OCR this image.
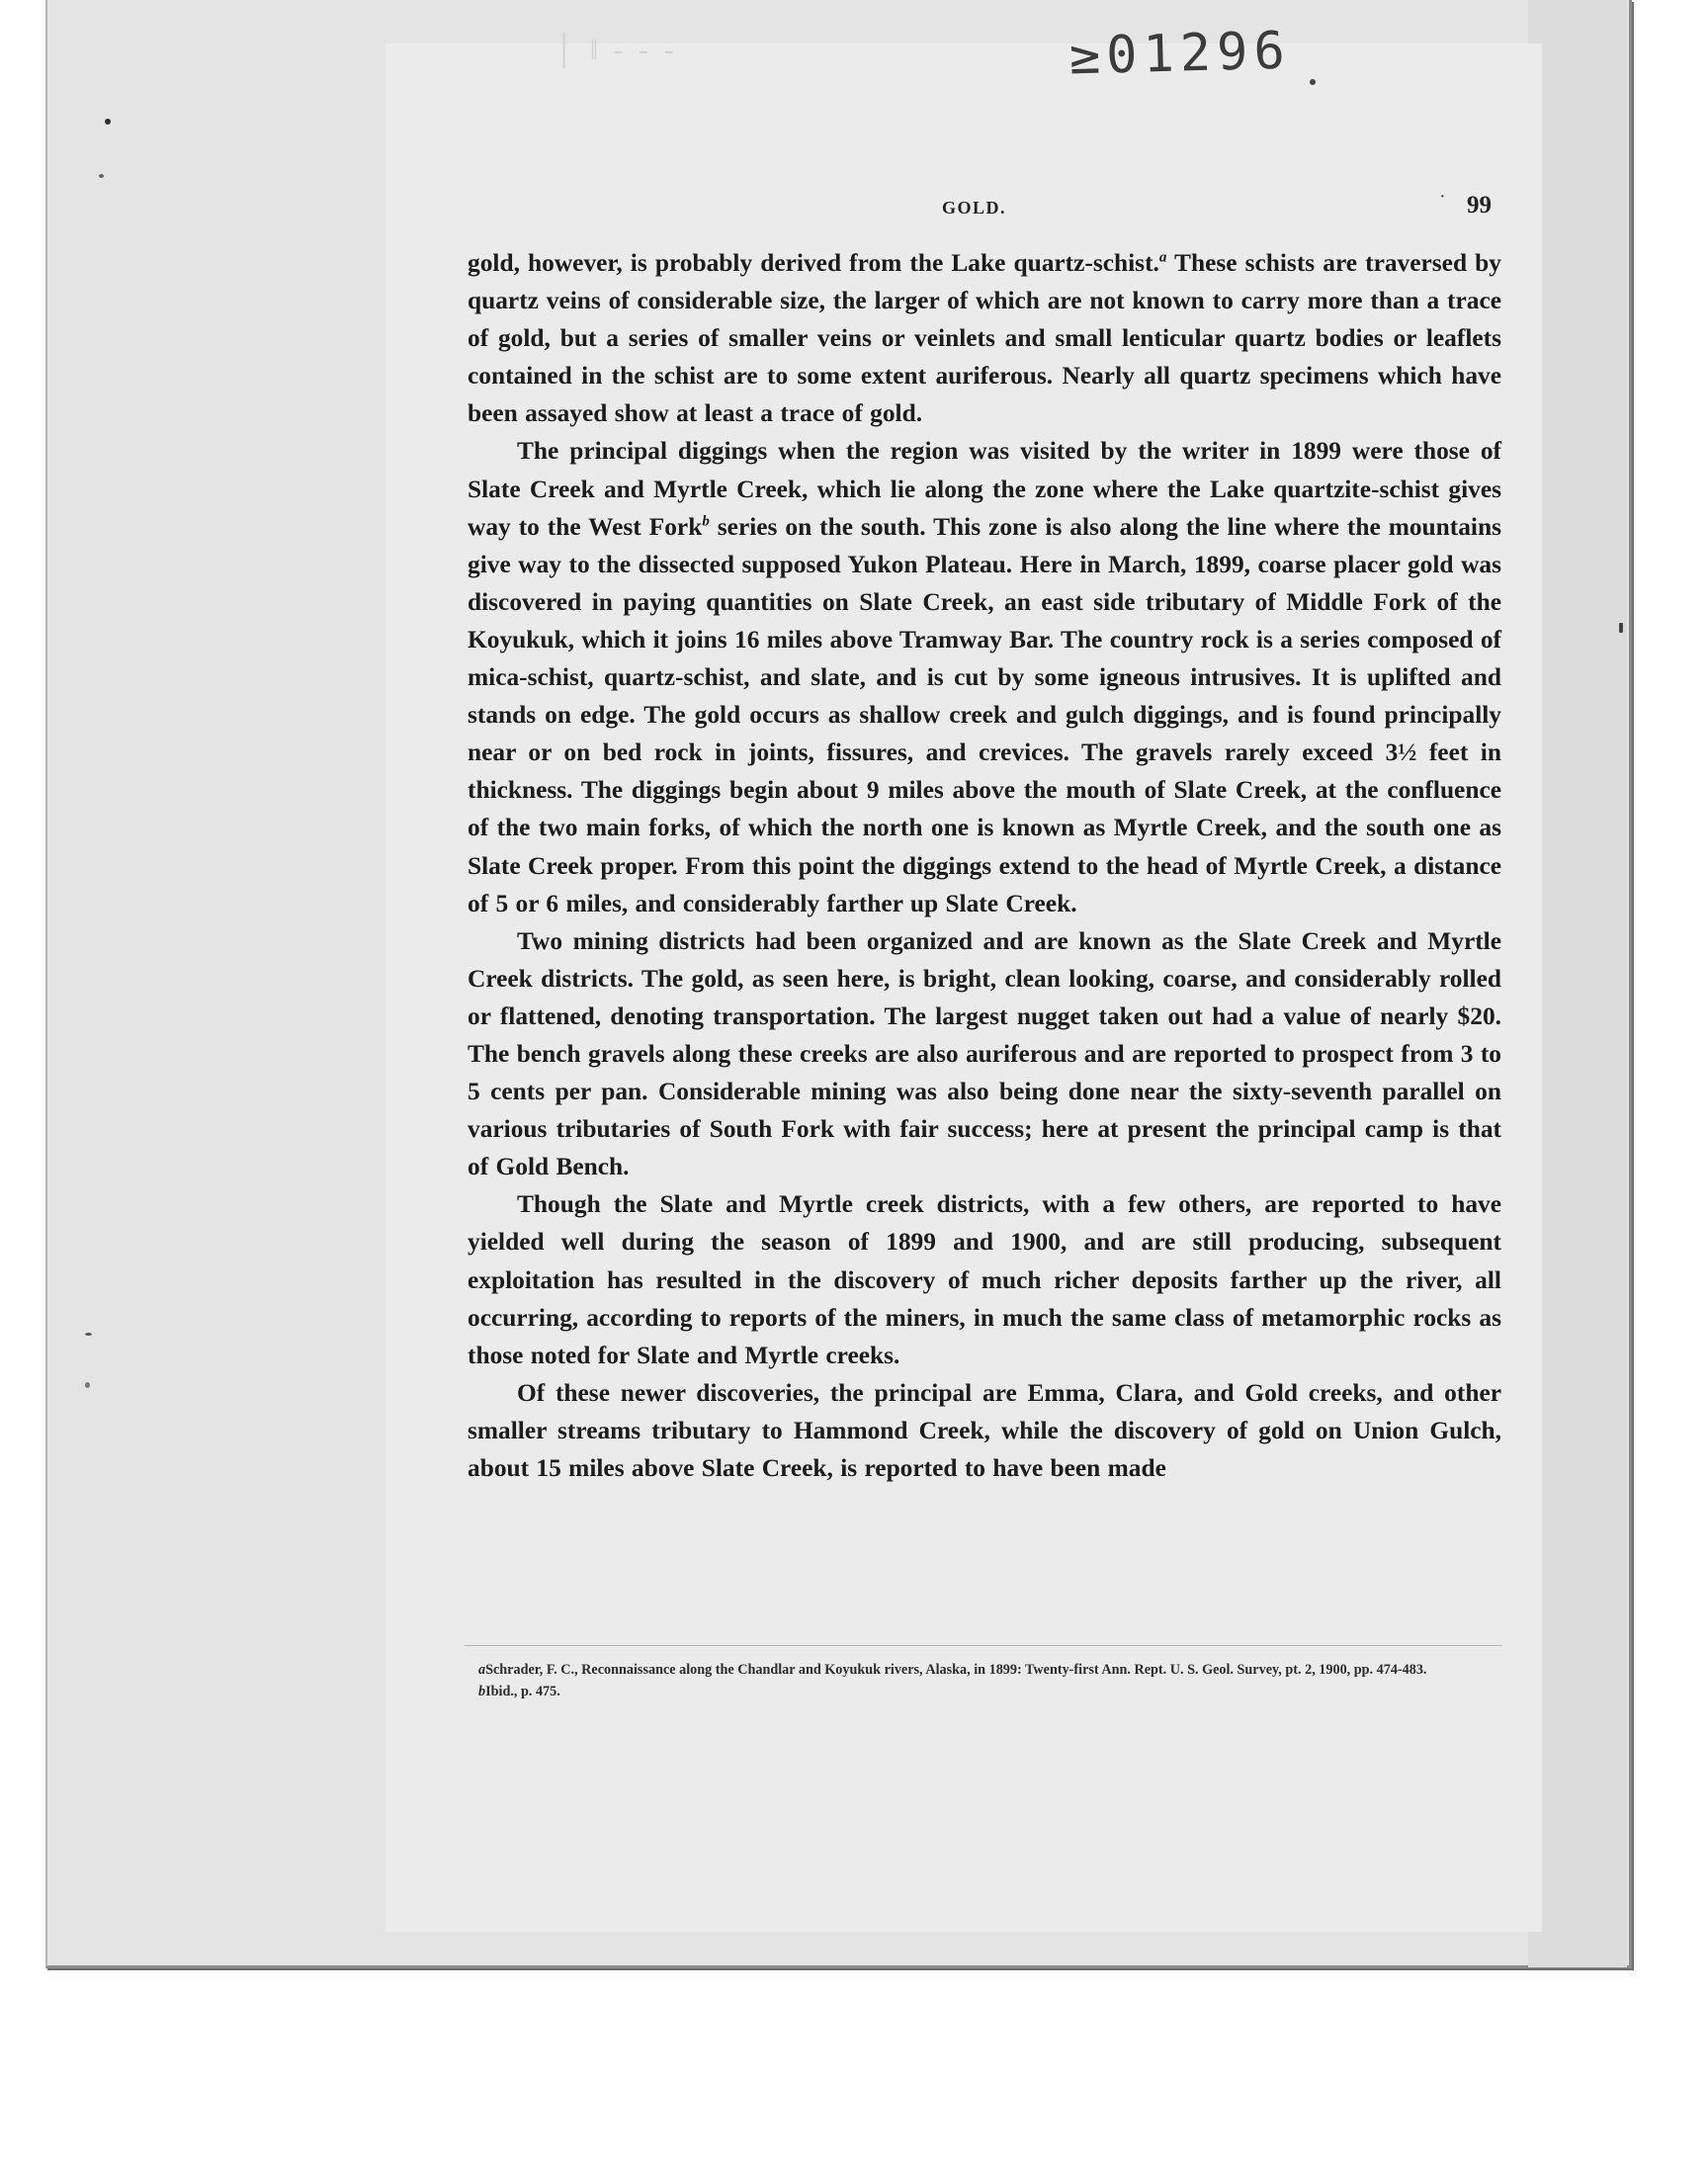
│ ‖ ‑ ‐ ‑	≥01296
GOLD.	˙ 99

gold, however, is probably derived from the Lake quartz-schist.$^a$ These schists are traversed by quartz veins of considerable size, the larger of which are not known to carry more than a trace of gold, but a series of smaller veins or veinlets and small lenticular quartz bodies or leaflets contained in the schist are to some extent auriferous. Nearly all quartz specimens which have been assayed show at least a trace of gold.

The principal diggings when the region was visited by the writer in 1899 were those of Slate Creek and Myrtle Creek, which lie along the zone where the Lake quartzite-schist gives way to the West Fork$^b$ series on the south. This zone is also along the line where the mountains give way to the dissected supposed Yukon Plateau. Here in March, 1899, coarse placer gold was discovered in paying quantities on Slate Creek, an east side tributary of Middle Fork of the Koyukuk, which it joins 16 miles above Tramway Bar. The country rock is a series composed of mica-schist, quartz-schist, and slate, and is cut by some igneous intrusives. It is uplifted and stands on edge. The gold occurs as shallow creek and gulch diggings, and is found principally near or on bed rock in joints, fissures, and crevices. The gravels rarely exceed 3½ feet in thickness. The diggings begin about 9 miles above the mouth of Slate Creek, at the confluence of the two main forks, of which the north one is known as Myrtle Creek, and the south one as Slate Creek proper. From this point the diggings extend to the head of Myrtle Creek, a distance of 5 or 6 miles, and considerably farther up Slate Creek.

Two mining districts had been organized and are known as the Slate Creek and Myrtle Creek districts. The gold, as seen here, is bright, clean looking, coarse, and considerably rolled or flattened, denoting transportation. The largest nugget taken out had a value of nearly $20. The bench gravels along these creeks are also auriferous and are reported to prospect from 3 to 5 cents per pan. Considerable mining was also being done near the sixty-seventh parallel on various tributaries of South Fork with fair success; here at present the principal camp is that of Gold Bench.

Though the Slate and Myrtle creek districts, with a few others, are reported to have yielded well during the season of 1899 and 1900, and are still producing, subsequent exploitation has resulted in the discovery of much richer deposits farther up the river, all occurring, according to reports of the miners, in much the same class of metamorphic rocks as those noted for Slate and Myrtle creeks.

Of these newer discoveries, the principal are Emma, Clara, and Gold creeks, and other smaller streams tributary to Hammond Creek, while the discovery of gold on Union Gulch, about 15 miles above Slate Creek, is reported to have been made

aSchrader, F. C., Reconnaissance along the Chandlar and Koyukuk rivers, Alaska, in 1899: Twenty-first Ann. Rept. U. S. Geol. Survey, pt. 2, 1900, pp. 474-483.

bIbid., p. 475.
